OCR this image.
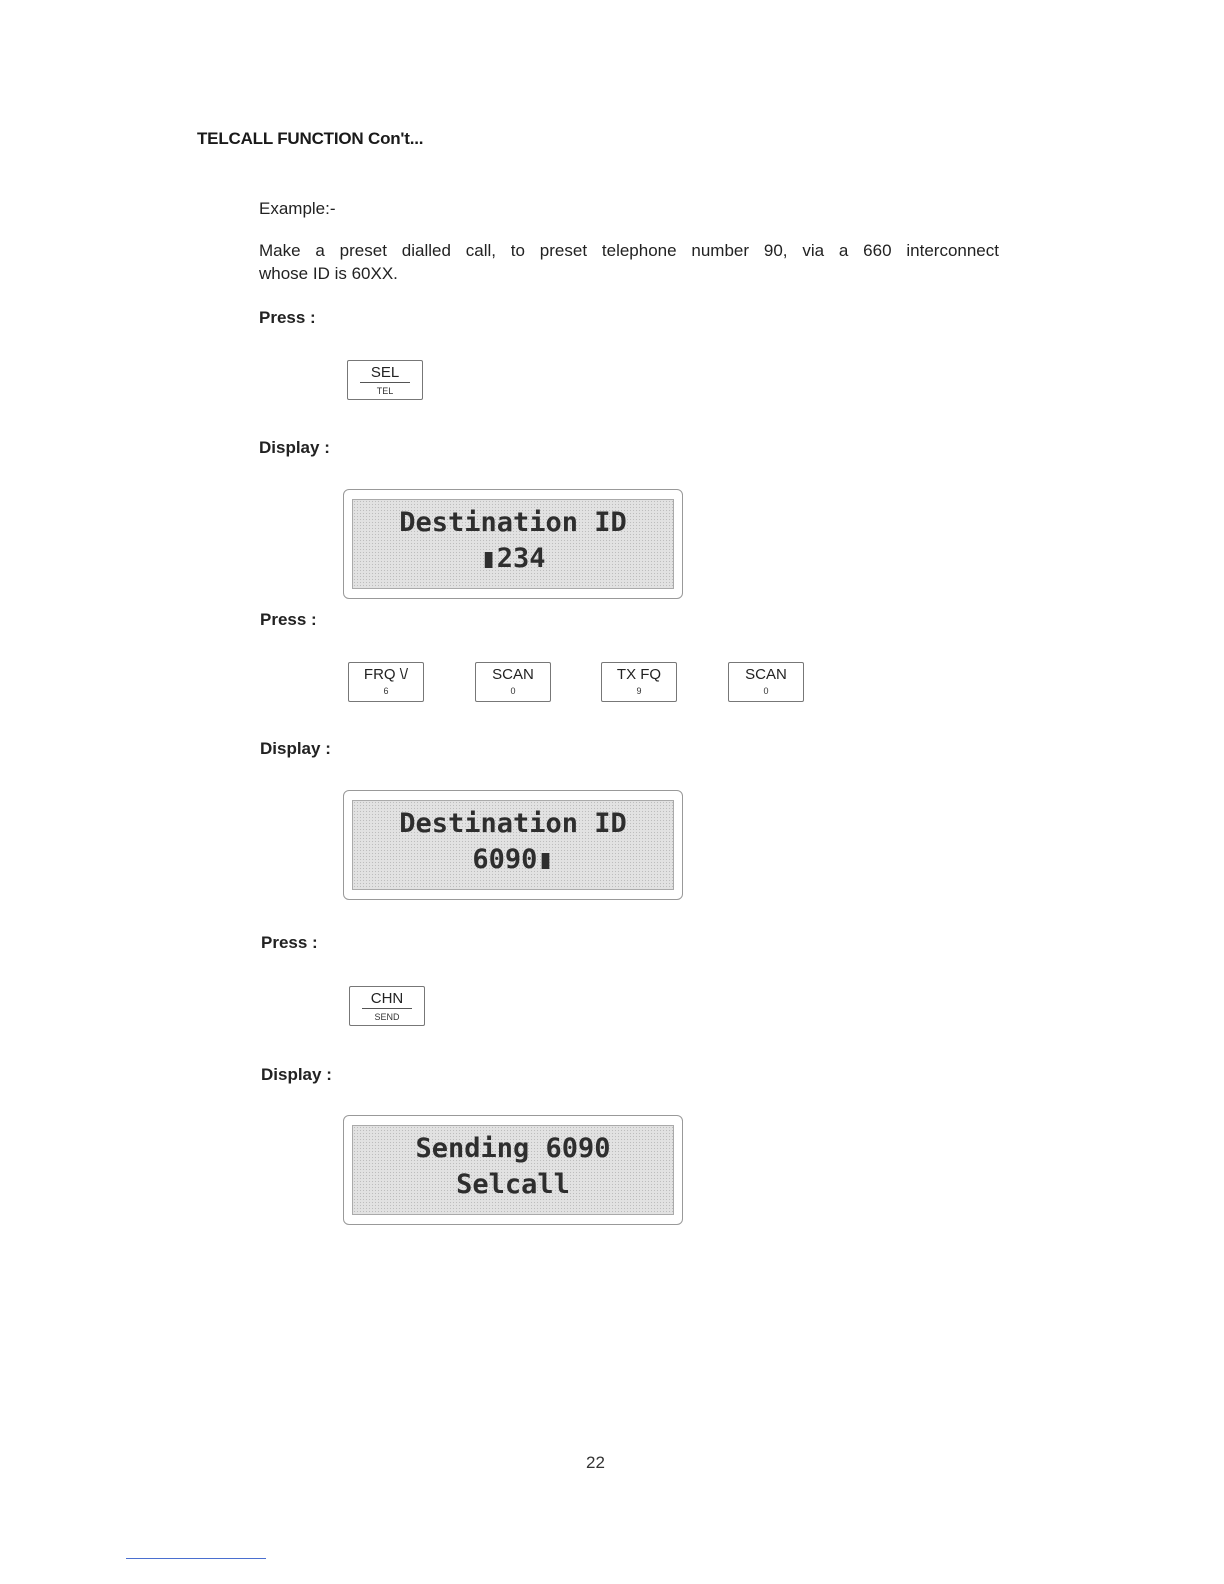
TELCALL FUNCTION Con't...
Example:-
Make a preset dialled call, to preset telephone number 90, via a 660 interconnect
whose ID is 60XX.
Press :
SEL
TEL
Display :
Destination ID
▮234
Press :
FRQ \/
6
SCAN
0
TX FQ
9
SCAN
0
Display :
Destination ID
6090▮
Press :
CHN
SEND
Display :
Sending 6090
Selcall
22
